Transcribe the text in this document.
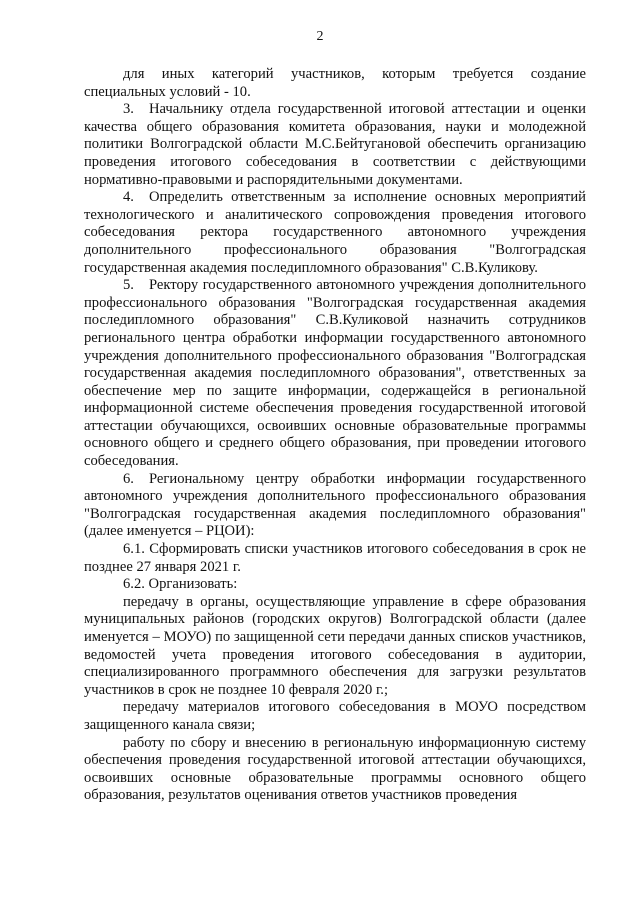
2

для иных категорий участников, которым требуется создание специальных условий - 10.

3. Начальнику отдела государственной итоговой аттестации и оценки качества общего образования комитета образования, науки и молодежной политики Волгоградской области М.С.Бейтугановой обеспечить организацию проведения итогового собеседования в соответствии с действующими нормативно-правовыми и распорядительными документами.

4. Определить ответственным за исполнение основных мероприятий технологического и аналитического сопровождения проведения итогового собеседования ректора государственного автономного учреждения дополнительного профессионального образования "Волгоградская государственная академия последипломного образования" С.В.Куликову.

5. Ректору государственного автономного учреждения дополнительного профессионального образования "Волгоградская государственная академия последипломного образования" С.В.Куликовой назначить сотрудников регионального центра обработки информации государственного автономного учреждения дополнительного профессионального образования "Волгоградская государственная академия последипломного образования", ответственных за обеспечение мер по защите информации, содержащейся в региональной информационной системе обеспечения проведения государственной итоговой аттестации обучающихся, освоивших основные образовательные программы основного общего и среднего общего образования, при проведении итогового собеседования.

6. Региональному центру обработки информации государственного автономного учреждения дополнительного профессионального образования "Волгоградская государственная академия последипломного образования" (далее именуется – РЦОИ):

6.1. Сформировать списки участников итогового собеседования в срок не позднее 27 января 2021 г.

6.2. Организовать:

передачу в органы, осуществляющие управление в сфере образования муниципальных районов (городских округов) Волгоградской области (далее именуется – МОУО) по защищенной сети передачи данных списков участников, ведомостей учета проведения итогового собеседования в аудитории, специализированного программного обеспечения для загрузки результатов участников в срок не позднее 10 февраля 2020 г.;

передачу материалов итогового собеседования в МОУО посредством защищенного канала связи;

работу по сбору и внесению в региональную информационную систему обеспечения проведения государственной итоговой аттестации обучающихся, освоивших основные образовательные программы основного общего образования, результатов оценивания ответов участников проведения
